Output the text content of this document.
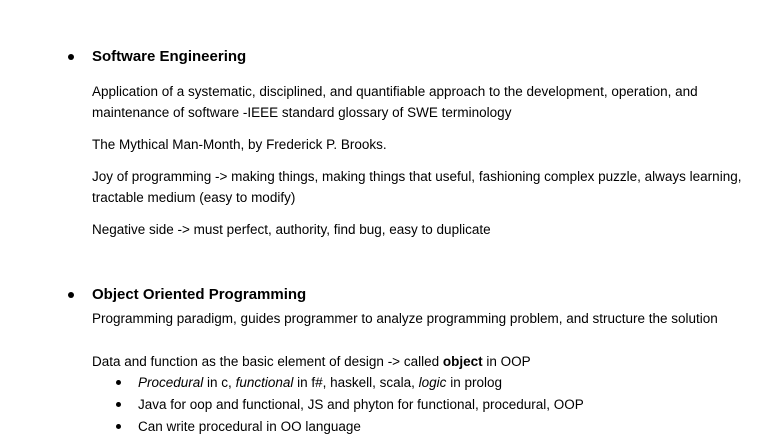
Software Engineering
Application of a systematic, disciplined, and quantifiable approach to the development, operation, and maintenance of software -IEEE standard glossary of SWE terminology
The Mythical Man-Month, by Frederick P. Brooks.
Joy of programming -> making things, making things that useful, fashioning complex puzzle, always learning, tractable medium (easy to modify)
Negative side -> must perfect, authority, find bug, easy to duplicate
Object Oriented Programming
Programming paradigm, guides programmer to analyze programming problem, and structure the solution
Data and function as the basic element of design -> called object in OOP
Procedural in c, functional in f#, haskell, scala, logic in prolog
Java for oop and functional, JS and phyton for functional, procedural, OOP
Can write procedural in OO language
